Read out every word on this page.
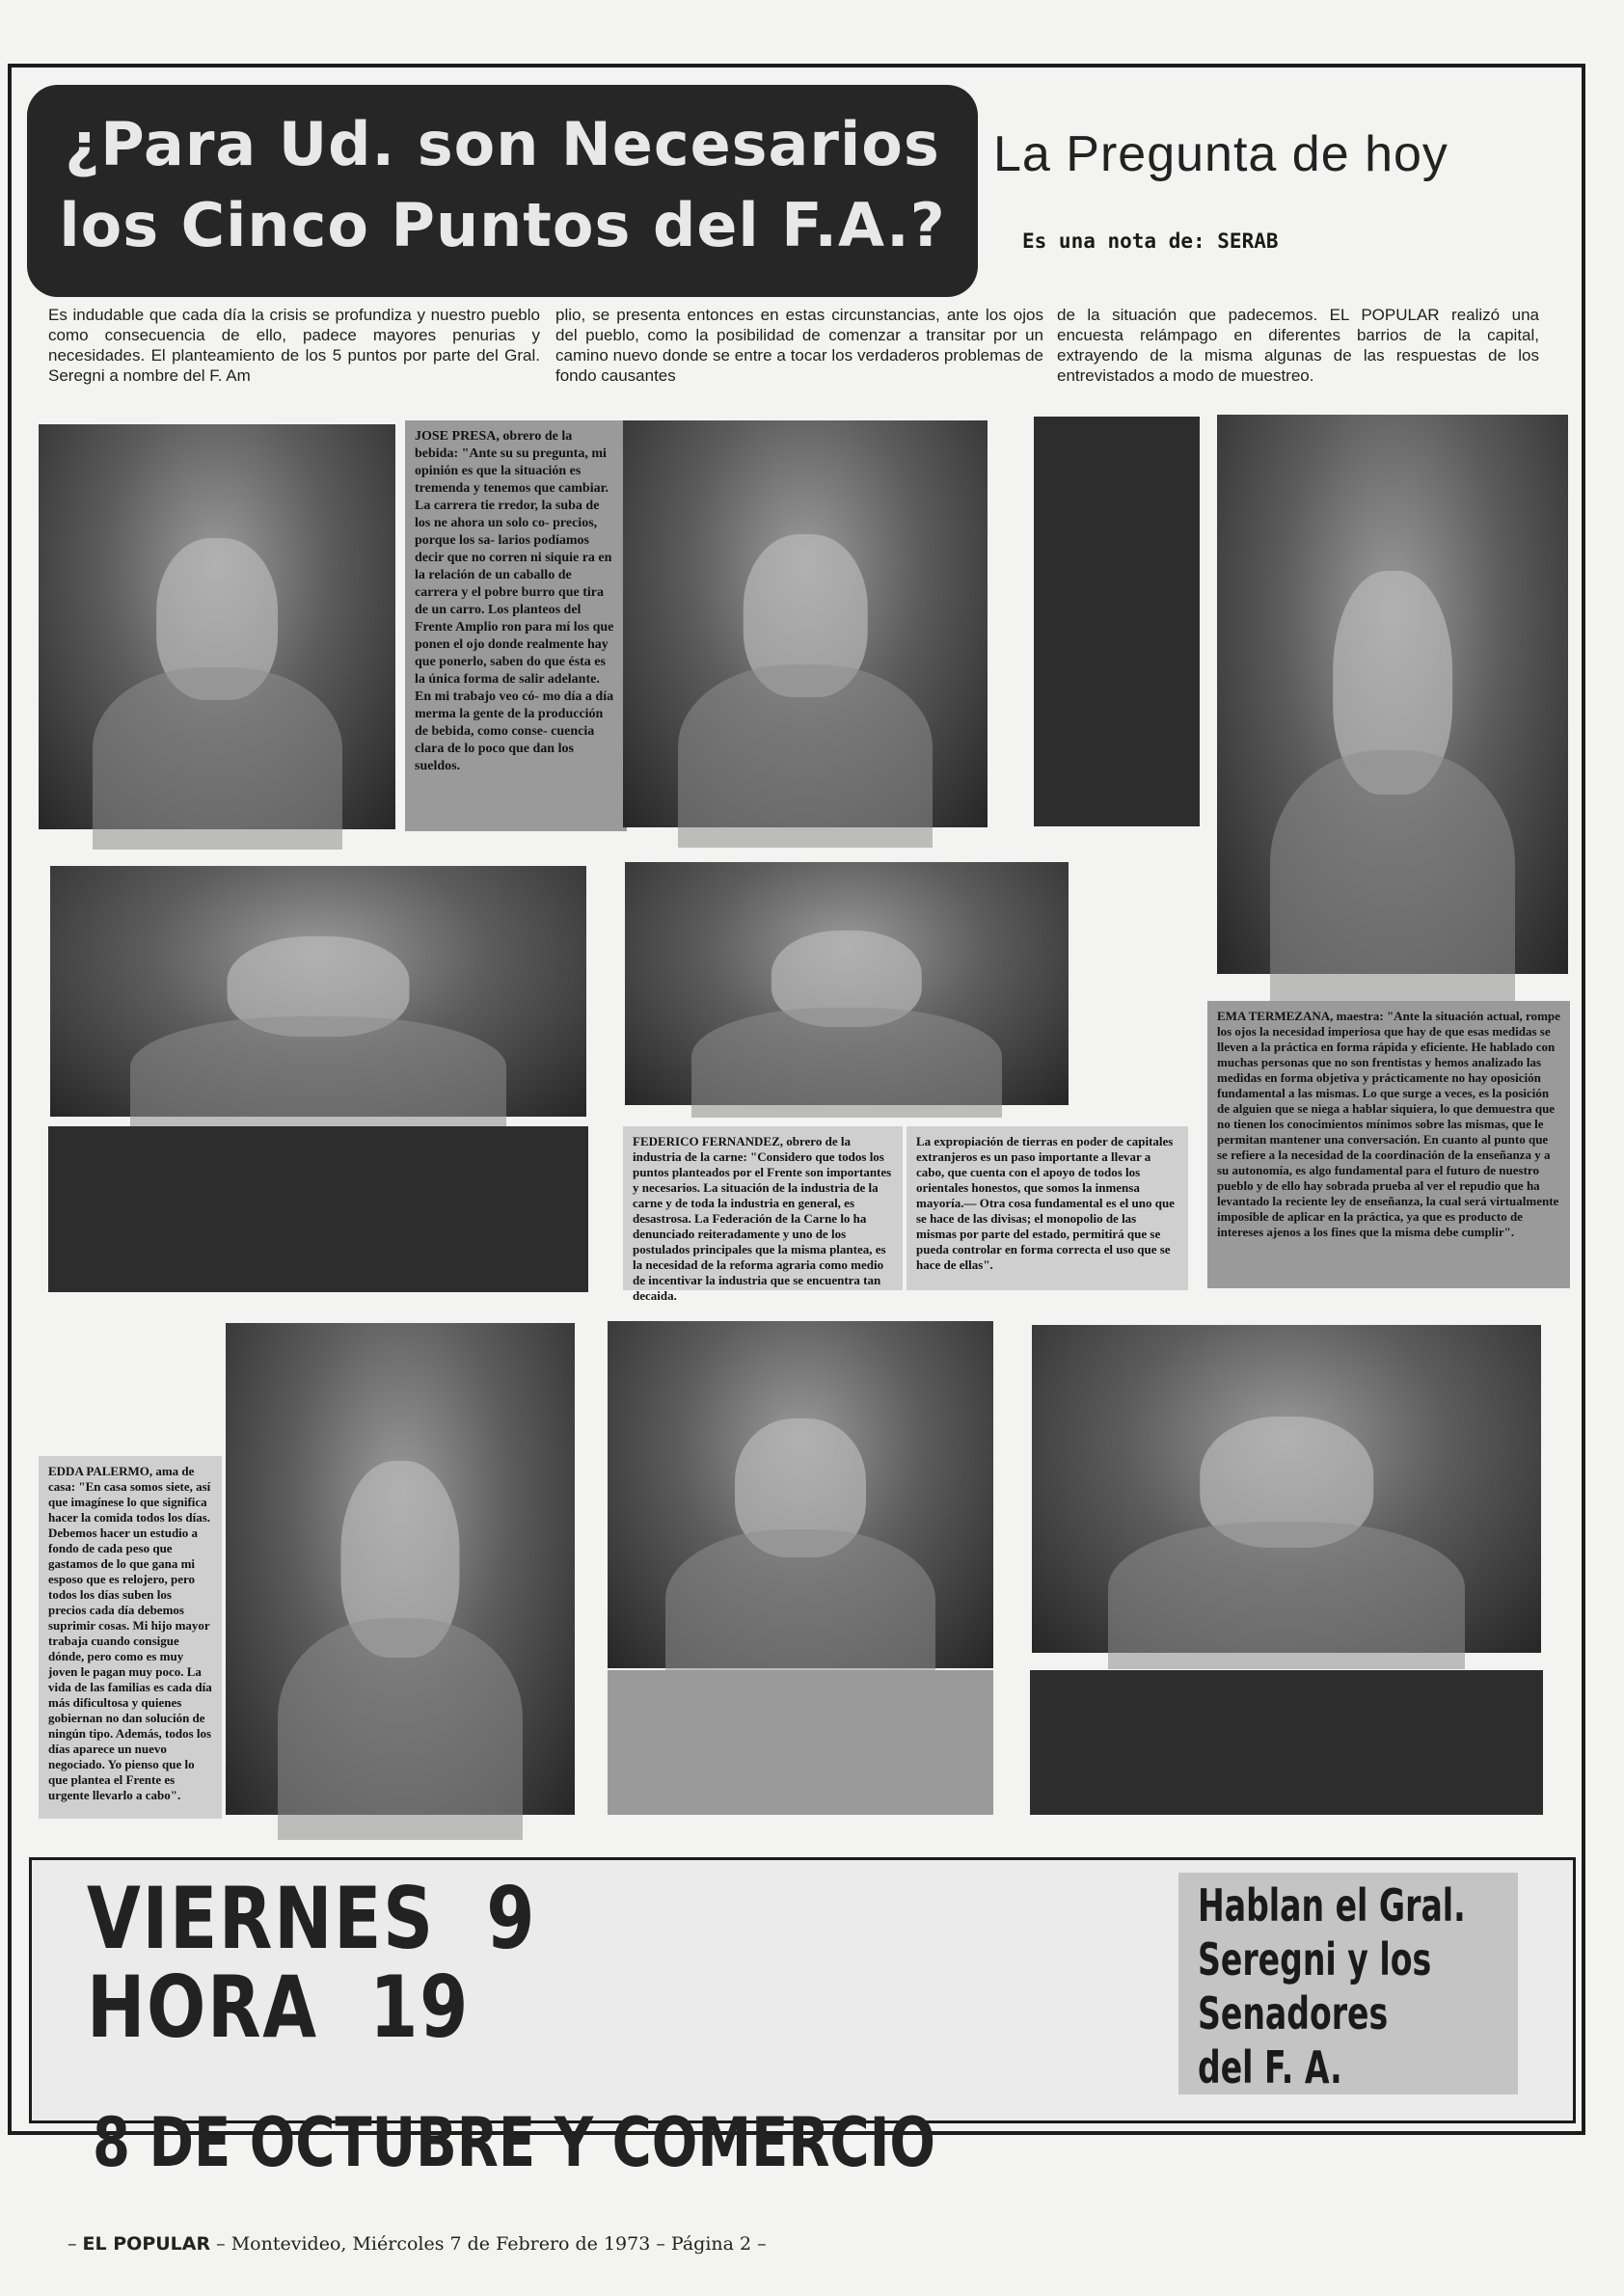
¿Para Ud. son Necesarios
los Cinco Puntos del F.A.?
La Pregunta de hoy
Es una nota de: SERAB
Es indudable que cada día la crisis se profundiza y nuestro pueblo como consecuencia de ello, padece mayores penurias y necesidades. El planteamiento de los 5 puntos por parte del Gral. Seregni a nombre del F. Am
plio, se presenta entonces en estas circunstancias, ante los ojos del pueblo, como la posibilidad de comenzar a transitar por un camino nuevo donde se entre a tocar los verdaderos problemas de fondo causantes
de la situación que padecemos. EL POPULAR realizó una encuesta relámpago en diferentes barrios de la capital, extrayendo de la misma algunas de las respuestas de los entrevistados a modo de muestreo.
JOSE PRESA, obrero de la bebida: "Ante su su pregunta, mi opinión es que la situación es tremenda y tenemos que cambiar. La carrera tie rredor, la suba de los ne ahora un solo co- precios, porque los sa- larios podíamos decir que no corren ni siquie ra en la relación de un caballo de carrera y el pobre burro que tira de un carro. Los planteos del Frente Amplio ron para mí los que ponen el ojo donde realmente hay que ponerlo, saben do que ésta es la única forma de salir adelante. En mi trabajo veo có- mo día a día merma la gente de la producción de bebida, como conse- cuencia clara de lo poco que dan los sueldos.
FEDERICO FERNANDEZ, obrero de la industria de la carne: "Considero que todos los puntos planteados por el Frente son importantes y necesarios. La situación de la industria de la carne y de toda la industria en general, es desastrosa. La Federación de la Carne lo ha denunciado reiteradamente y uno de los postulados principales que la misma plantea, es la necesidad de la reforma agraria como medio de incentivar la industria que se encuentra tan decaida.
La expropiación de tierras en poder de capitales extranjeros es un paso importante a llevar a cabo, que cuenta con el apoyo de todos los orientales honestos, que somos la inmensa mayoría.— Otra cosa fundamental es el uno que se hace de las divisas; el monopolio de las mismas por parte del estado, permitirá que se pueda controlar en forma correcta el uso que se hace de ellas".
EMA TERMEZANA, maestra: "Ante la situación actual, rompe los ojos la necesidad imperiosa que hay de que esas medidas se lleven a la práctica en forma rápida y eficiente. He hablado con muchas personas que no son frentistas y hemos analizado las medidas en forma objetiva y prácticamente no hay oposición fundamental a las mismas. Lo que surge a veces, es la posición de alguien que se niega a hablar siquiera, lo que demuestra que no tienen los conocimientos mínimos sobre las mismas, que le permitan mantener una conversación. En cuanto al punto que se refiere a la necesidad de la coordinación de la enseñanza y a su autonomía, es algo fundamental para el futuro de nuestro pueblo y de ello hay sobrada prueba al ver el repudio que ha levantado la reciente ley de enseñanza, la cual será virtualmente imposible de aplicar en la práctica, ya que es producto de intereses ajenos a los fines que la misma debe cumplir".
EDDA PALERMO, ama de casa: "En casa somos siete, así que imagínese lo que significa hacer la comida todos los días. Debemos hacer un estudio a fondo de cada peso que gastamos de lo que gana mi esposo que es relojero, pero todos los días suben los precios cada día debemos suprimir cosas. Mi hijo mayor trabaja cuando consigue dónde, pero como es muy joven le pagan muy poco. La vida de las familias es cada día más dificultosa y quienes gobiernan no dan solución de ningún tipo. Además, todos los días aparece un nuevo negociado. Yo pienso que lo que plantea el Frente es urgente llevarlo a cabo".
VIERNES  9
HORA  19
8 DE OCTUBRE Y COMERCIO
Hablan el Gral.
Seregni y los
Senadores
del F. A.
– EL POPULAR – Montevideo, Miércoles 7 de Febrero de 1973 – Página 2 –
